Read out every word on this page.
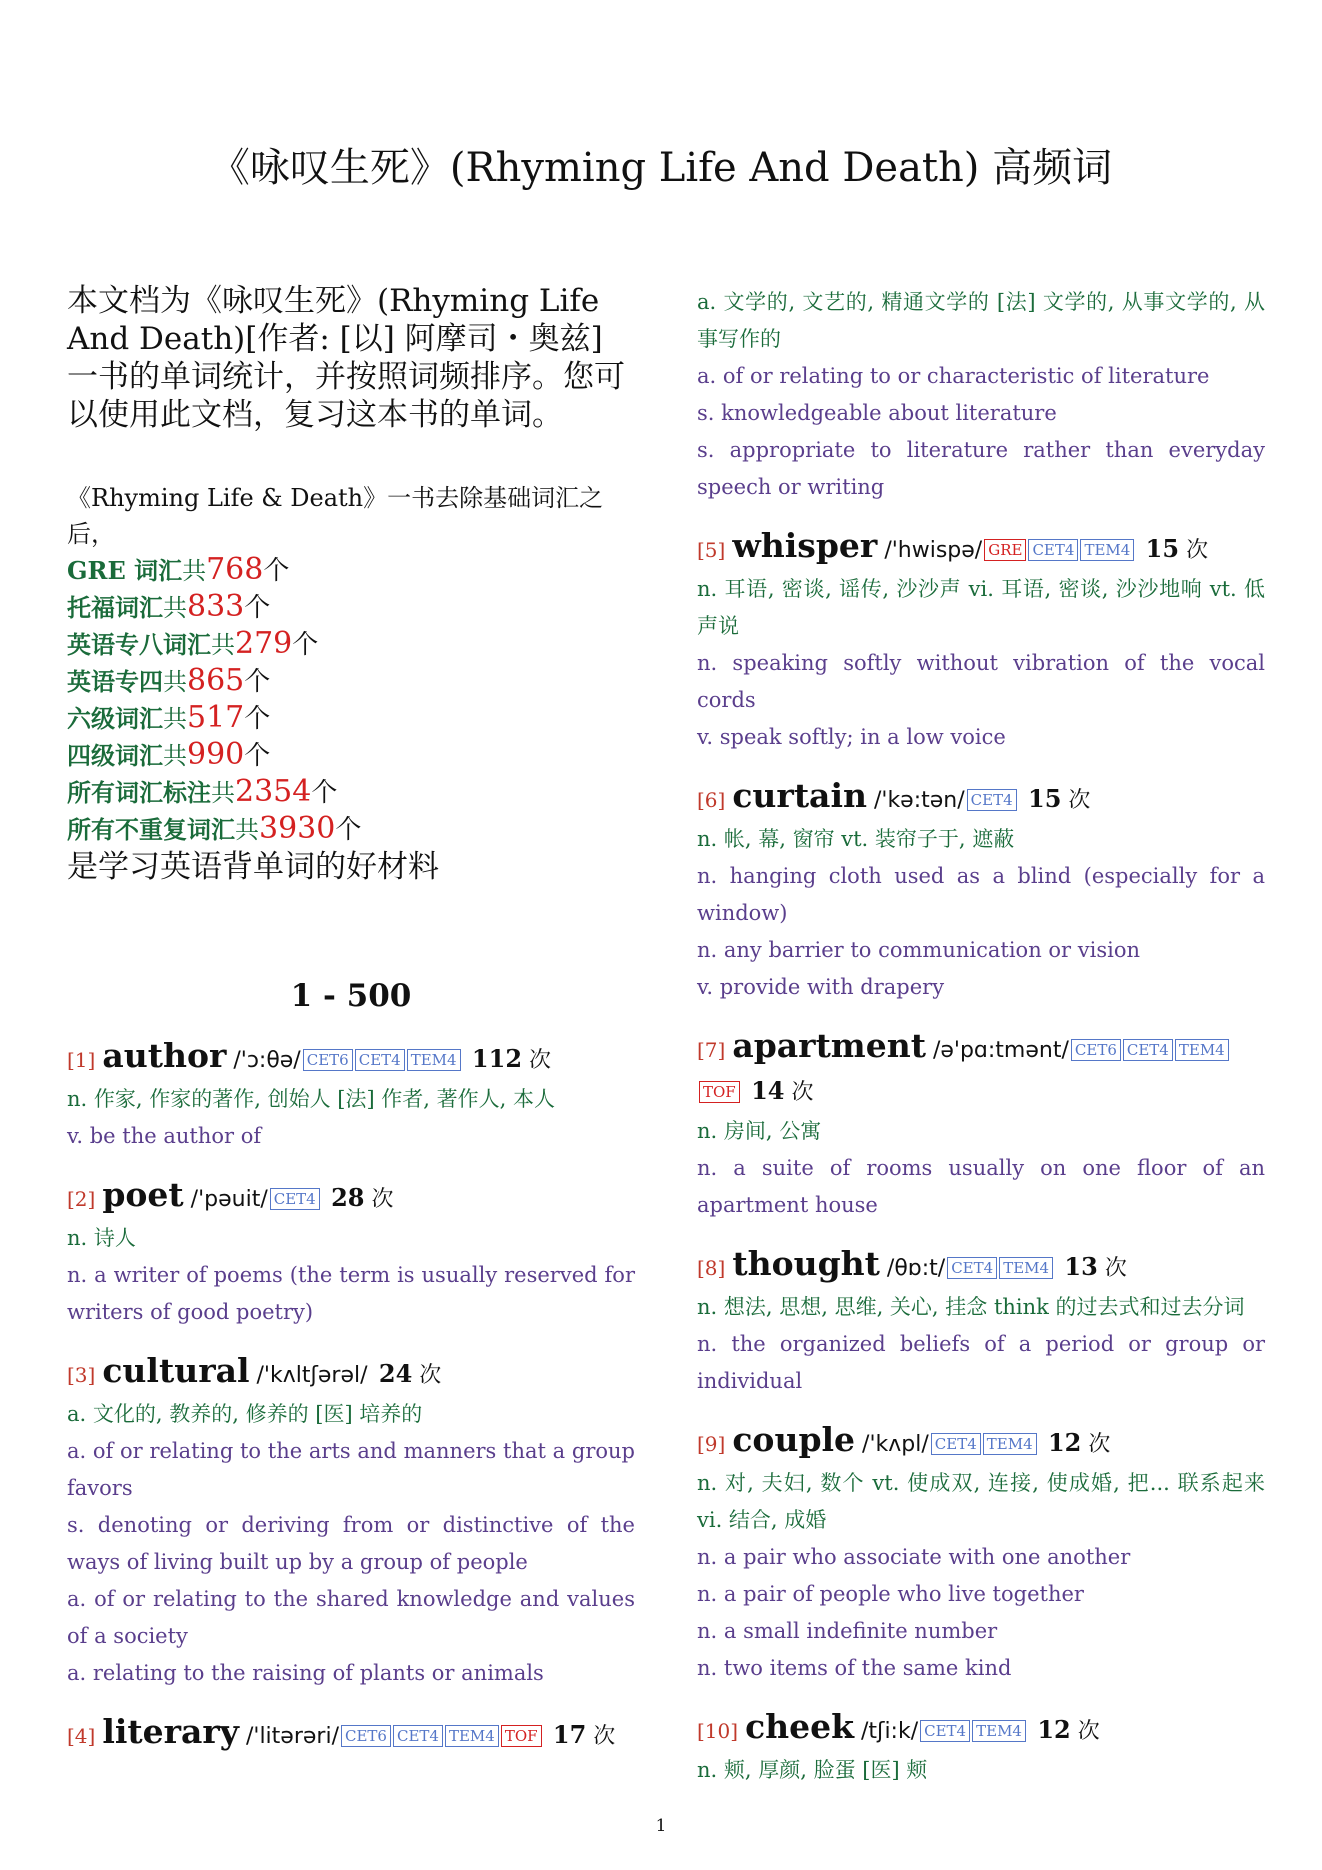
《咏叹生死》(Rhyming Life And Death) 高频词

本文档为《咏叹生死》(Rhyming Life And Death)[作者: [以] 阿摩司・奥兹] 一书的单词统计，并按照词频排序。您可以使用此文档，复习这本书的单词。

《Rhyming Life & Death》一书去除基础词汇之后，

GRE 词汇共768个
托福词汇共833个
英语专八词汇共279个
英语专四共865个
六级词汇共517个
四级词汇共990个
所有词汇标注共2354个
所有不重复词汇共3930个

是学习英语背单词的好材料

1 - 500
[1] author /'ɔ:θə/ CET6 CET4 TEM4 112 次
n. 作家, 作家的著作, 创始人 [法] 作者, 著作人, 本人
v. be the author of
[2] poet /'pəuit/ CET4 28 次
n. 诗人
n. a writer of poems (the term is usually reserved for writers of good poetry)
[3] cultural /'kʌltʃərəl/ 24 次
a. 文化的, 教养的, 修养的 [医] 培养的
a. of or relating to the arts and manners that a group favors
s. denoting or deriving from or distinctive of the ways of living built up by a group of people
a. of or relating to the shared knowledge and values of a society
a. relating to the raising of plants or animals
[4] literary /'litərəri/ CET6 CET4 TEM4 TOF 17 次
a. 文学的, 文艺的, 精通文学的 [法] 文学的, 从事文学的, 从事写作的
a. of or relating to or characteristic of literature
s. knowledgeable about literature
s. appropriate to literature rather than everyday speech or writing
[5] whisper /'hwispə/ GRE CET4 TEM4 15 次
n. 耳语, 密谈, 谣传, 沙沙声 vi. 耳语, 密谈, 沙沙地响 vt. 低声说
n. speaking softly without vibration of the vocal cords
v. speak softly; in a low voice
[6] curtain /'kə:tən/ CET4 15 次
n. 帐, 幕, 窗帘 vt. 装帘子于, 遮蔽
n. hanging cloth used as a blind (especially for a window)
n. any barrier to communication or vision
v. provide with drapery
[7] apartment /ə'pɑ:tmənt/ CET6 CET4 TEM4TOF 14 次
n. 房间, 公寓
n. a suite of rooms usually on one floor of an apartment house
[8] thought /θɒ:t/ CET4 TEM4 13 次
n. 想法, 思想, 思维, 关心, 挂念 think 的过去式和过去分词
n. the organized beliefs of a period or group or individual
[9] couple /'kʌpl/ CET4 TEM4 12 次
n. 对, 夫妇, 数个 vt. 使成双, 连接, 使成婚, 把... 联系起来 vi. 结合, 成婚
n. a pair who associate with one another
n. a pair of people who live together
n. a small indefinite number
n. two items of the same kind
[10] cheek /tʃi:k/ CET4 TEM4 12 次
n. 颊, 厚颜, 脸蛋 [医] 颊
1
